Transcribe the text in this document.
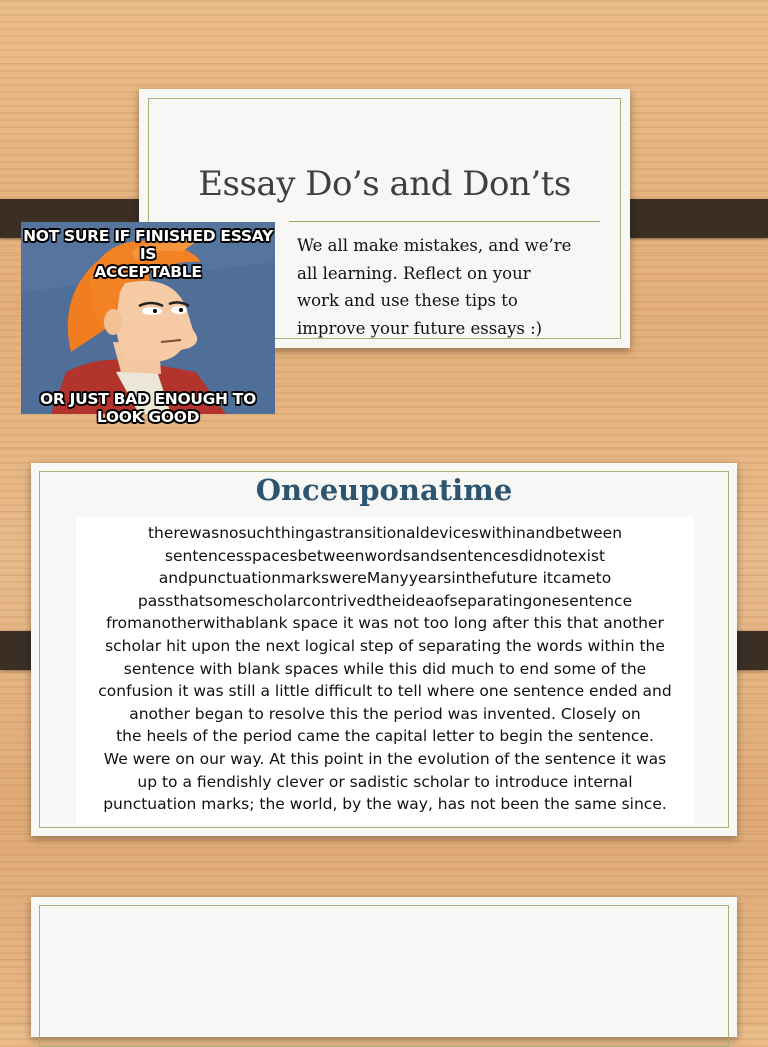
Essay Do’s and Don’ts
We all make mistakes, and we’re
all learning. Reflect on your
work and use these tips to
improve your future essays :)
NOT SURE IF FINISHED ESSAY IS
ACCEPTABLE
OR JUST BAD ENOUGH TO LOOK GOOD
Onceuponatime
therewasnosuchthingastransitionaldeviceswithinandbetween
sentencesspacesbetweenwordsandsentencesdidnotexist
andpunctuationmarkswereManyyearsinthefuture itcameto
passthatsomescholarcontrivedtheideaofseparatingonesentence
fromanotherwithablank space it was not too long after this that another
scholar hit upon the next logical step of separating the words within the
sentence with blank spaces while this did much to end some of the
confusion it was still a little difficult to tell where one sentence ended and
another began to resolve this the period was invented. Closely on
the heels of the period came the capital letter to begin the sentence.
We were on our way. At this point in the evolution of the sentence it was
up to a fiendishly clever or sadistic scholar to introduce internal
punctuation marks; the world, by the way, has not been the same since.
